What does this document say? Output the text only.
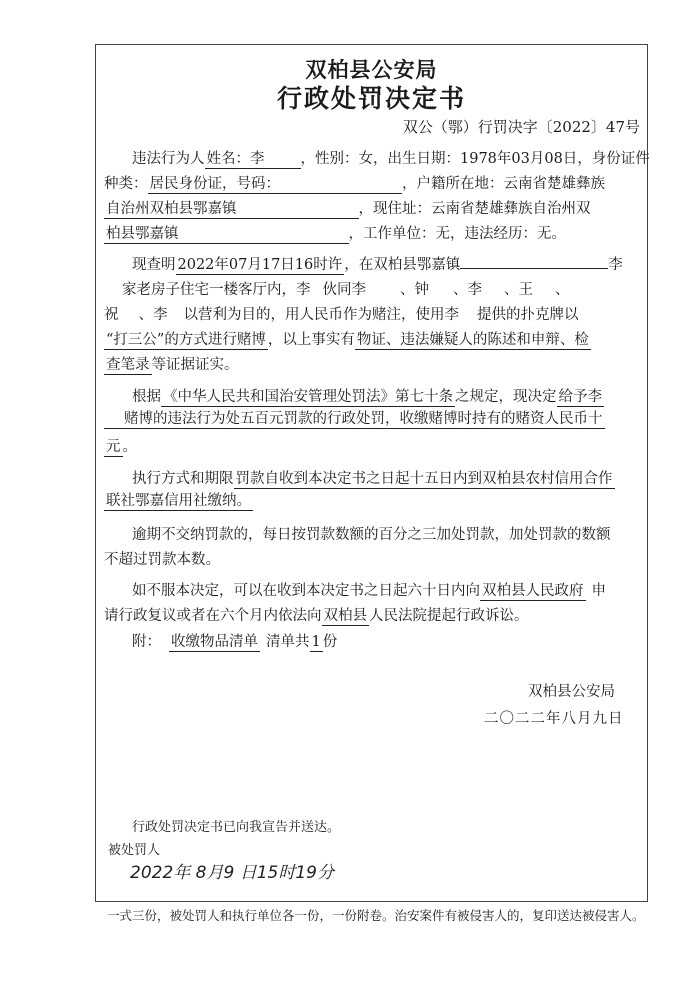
双柏县公安局
行政处罚决定书
双公（鄂）行罚决字〔2022〕47号
违法行为人 姓名：李 ，性别：女，出生日期：1978年03月08日，身份证件
种类： 居民身份证，号码：	，户籍所在地：云南省楚雄彝族
自治州双柏县鄂嘉镇	，现住址：云南省楚雄彝族自治州双
柏县鄂嘉镇	，工作单位：无，违法经历：无。
现查明 2022年07月17日16时许 ，在双柏县鄂嘉镇	李
家老房子住宅一楼客厅内，李 伙同李 、钟 、李 、王 、
祝 、李 以营利为目的，用人民币作为赌注，使用李 提供的扑克牌以
“打三公”的方式进行赌博 ，以上事实有 物证、违法嫌疑人的陈述和申辩、检
查笔录 等证据证实。
根据 《中华人民共和国治安管理处罚法》第七十条 之规定，现决定 给予李
赌博的违法行为处五百元罚款的行政处罚，收缴赌博时持有的赌资人民币十
元 。
执行方式和期限 罚款自收到本决定书之日起十五日内到双柏县农村信用合作
联社鄂嘉信用社缴纳。
逾期不交纳罚款的，每日按罚款数额的百分之三加处罚款，加处罚款的数额
不超过罚款本数。
如不服本决定，可以在收到本决定书之日起六十日内向 双柏县人民政府 申
请行政复议或者在六个月内依法向 双柏县 人民法院提起行政诉讼。
附： 收缴物品清单 清单共 1 份
双柏县公安局
二〇二二年八月九日
行政处罚决定书已向我宣告并送达。
被处罚人
2022年 8月9 日15时19分
一式三份，被处罚人和执行单位各一份，一份附卷。治安案件有被侵害人的，复印送达被侵害人。
